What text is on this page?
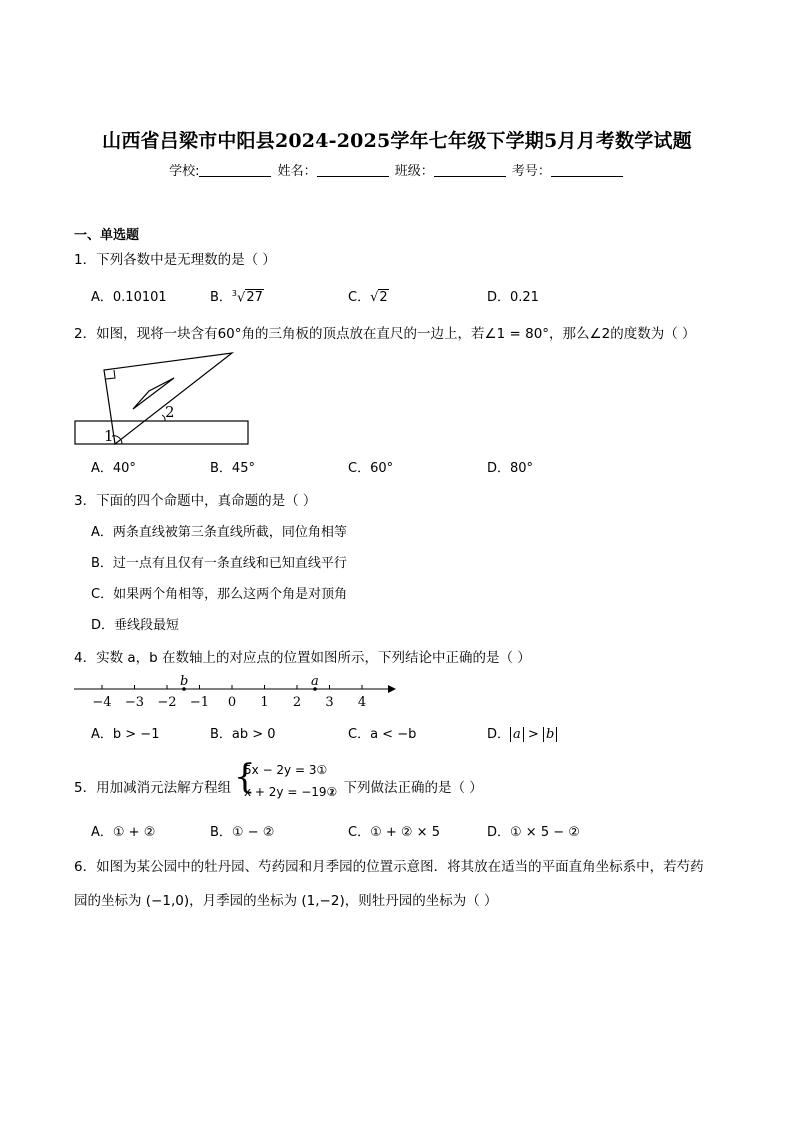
山西省吕梁市中阳县2024-2025学年七年级下学期5月月考数学试题
学校:	姓名：	班级：	考号：
一、单选题
1．下列各数中是无理数的是（ ）
A．0.10101	B．$^3$√27	C．√2	D．0.21
2．如图，现将一块含有60°角的三角板的顶点放在直尺的一边上，若∠1 = 80°，那么∠2的度数为（ ）
1
2
A．40°	B．45°	C．60°	D．80°
3．下面的四个命题中，真命题的是（ ）
A．两条直线被第三条直线所截，同位角相等
B．过一点有且仅有一条直线和已知直线平行
C．如果两个角相等，那么这两个角是对顶角
D．垂线段最短
4．实数 a，b 在数轴上的对应点的位置如图所示，下列结论中正确的是（ ）
−4 −3 −2 −1 0 1 2 3 4
b	a
A．b > −1	B．ab > 0	C．a < −b	D． a > b
5．用加减消元法解方程组 {
5x − 2y = 3①
x + 2y = −19②
，下列做法正确的是（ ）
A．① + ②	B．① − ②	C．① + ② × 5	D．① × 5 − ②
6．如图为某公园中的牡丹园、芍药园和月季园的位置示意图．将其放在适当的平面直角坐标系中，若芍药
园的坐标为 (−1,0)，月季园的坐标为 (1,−2)，则牡丹园的坐标为（ ）
